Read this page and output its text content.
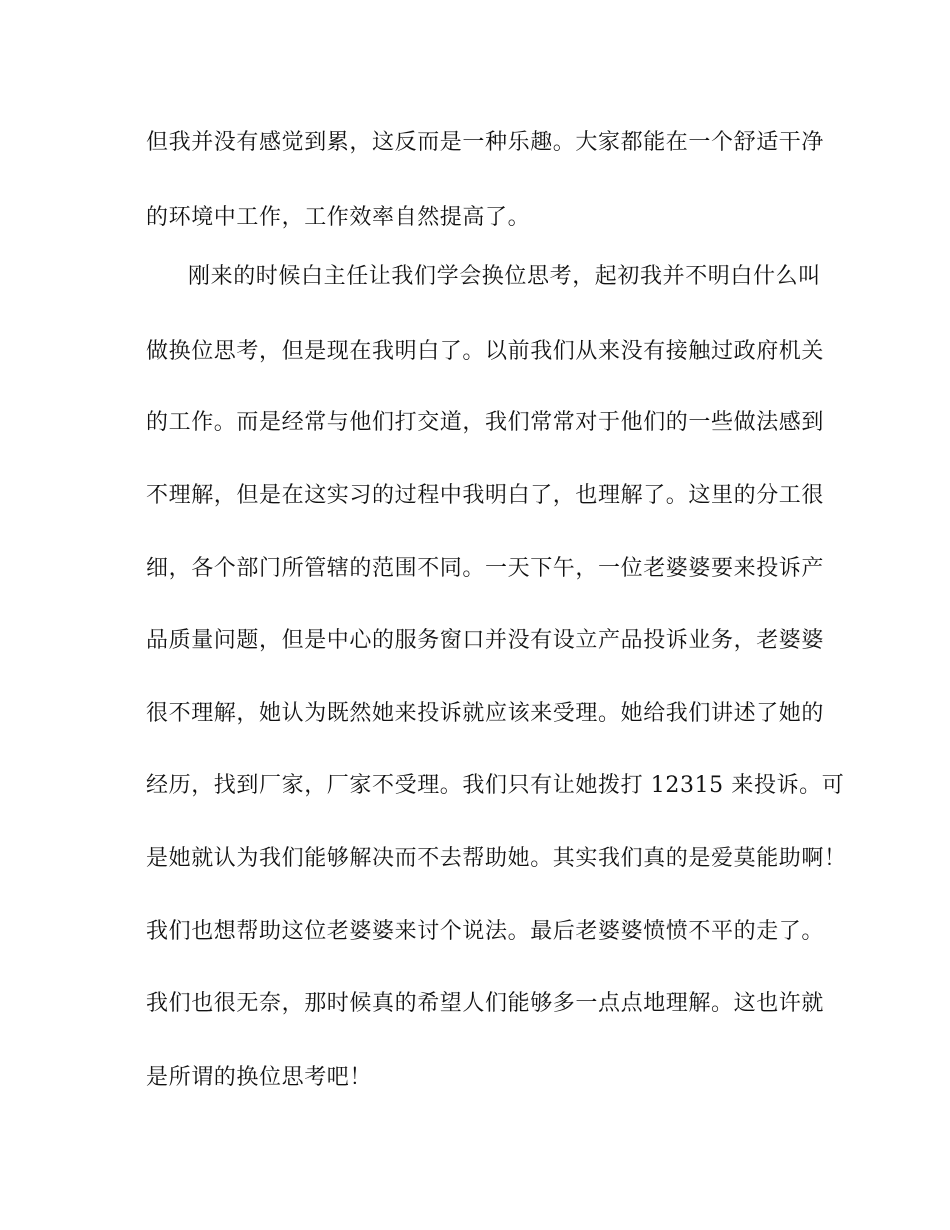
但我并没有感觉到累，这反而是一种乐趣。大家都能在一个舒适干净
的环境中工作，工作效率自然提高了。
刚来的时候白主任让我们学会换位思考，起初我并不明白什么叫
做换位思考，但是现在我明白了。以前我们从来没有接触过政府机关
的工作。而是经常与他们打交道，我们常常对于他们的一些做法感到
不理解，但是在这实习的过程中我明白了，也理解了。这里的分工很
细，各个部门所管辖的范围不同。一天下午，一位老婆婆要来投诉产
品质量问题，但是中心的服务窗口并没有设立产品投诉业务，老婆婆
很不理解，她认为既然她来投诉就应该来受理。她给我们讲述了她的
经历，找到厂家，厂家不受理。我们只有让她拨打 12315 来投诉。可
是她就认为我们能够解决而不去帮助她。其实我们真的是爱莫能助啊！
我们也想帮助这位老婆婆来讨个说法。最后老婆婆愤愤不平的走了。
我们也很无奈，那时候真的希望人们能够多一点点地理解。这也许就
是所谓的换位思考吧！
